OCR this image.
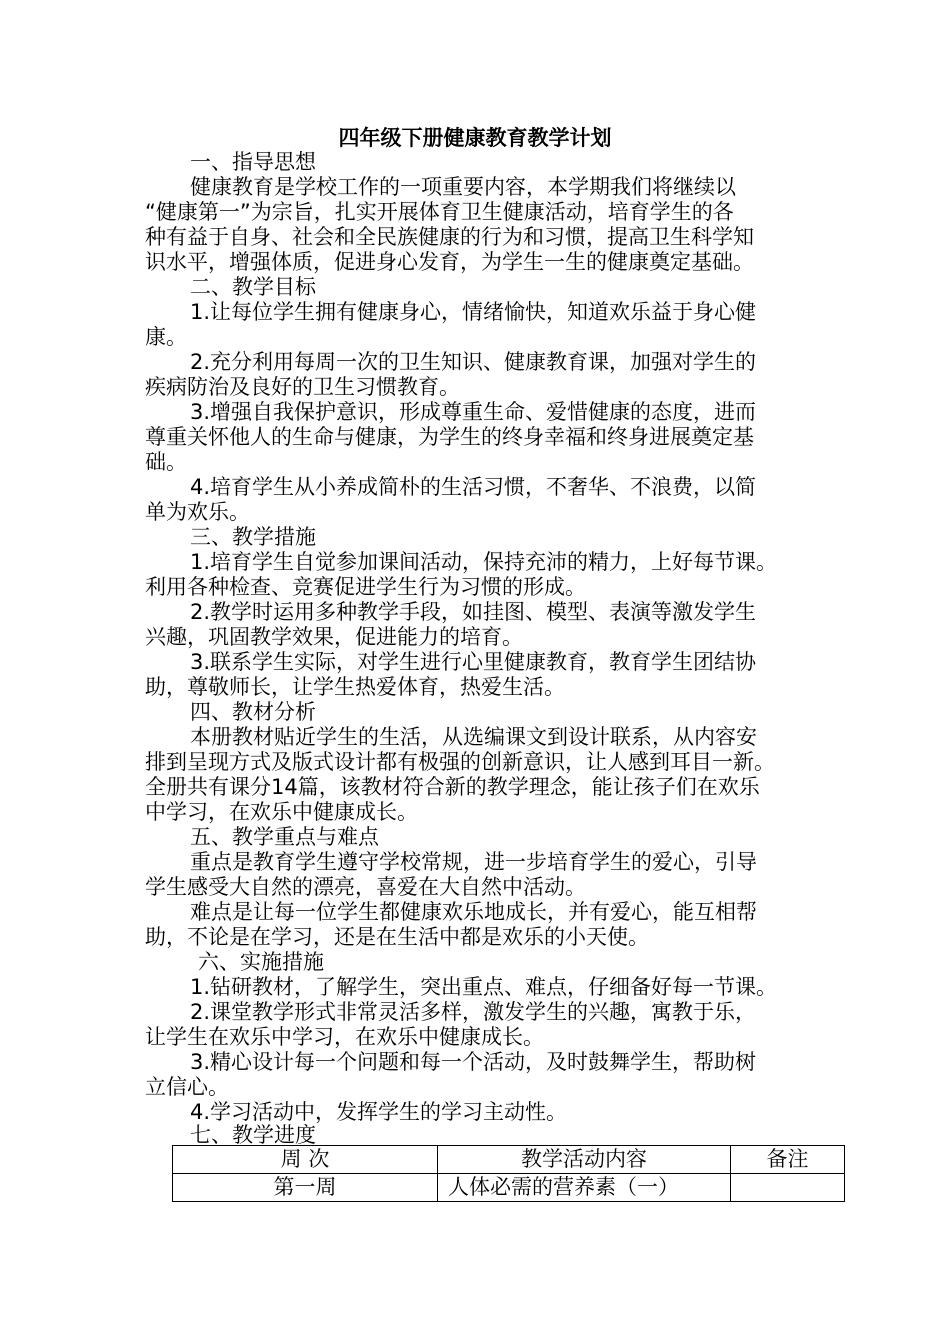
四年级下册健康教育教学计划
一、指导思想
健康教育是学校工作的一项重要内容，本学期我们将继续以
“健康第一”为宗旨，扎实开展体育卫生健康活动，培育学生的各
种有益于自身、社会和全民族健康的行为和习惯，提高卫生科学知
识水平，增强体质，促进身心发育，为学生一生的健康奠定基础。
二、教学目标
1.让每位学生拥有健康身心，情绪愉快，知道欢乐益于身心健
康。
2.充分利用每周一次的卫生知识、健康教育课，加强对学生的
疾病防治及良好的卫生习惯教育。
3.增强自我保护意识，形成尊重生命、爱惜健康的态度，进而
尊重关怀他人的生命与健康，为学生的终身幸福和终身进展奠定基
础。
4.培育学生从小养成简朴的生活习惯，不奢华、不浪费，以简
单为欢乐。
三、教学措施
1.培育学生自觉参加课间活动，保持充沛的精力，上好每节课。
利用各种检查、竞赛促进学生行为习惯的形成。
2.教学时运用多种教学手段，如挂图、模型、表演等激发学生
兴趣，巩固教学效果，促进能力的培育。
3.联系学生实际，对学生进行心里健康教育，教育学生团结协
助，尊敬师长，让学生热爱体育，热爱生活。
四、教材分析
本册教材贴近学生的生活，从选编课文到设计联系，从内容安
排到呈现方式及版式设计都有极强的创新意识，让人感到耳目一新。
全册共有课分14篇，该教材符合新的教学理念，能让孩子们在欢乐
中学习，在欢乐中健康成长。
五、教学重点与难点
重点是教育学生遵守学校常规，进一步培育学生的爱心，引导
学生感受大自然的漂亮，喜爱在大自然中活动。
难点是让每一位学生都健康欢乐地成长，并有爱心，能互相帮
助，不论是在学习，还是在生活中都是欢乐的小天使。
六、实施措施
1.钻研教材，了解学生，突出重点、难点，仔细备好每一节课。
2.课堂教学形式非常灵活多样，激发学生的兴趣，寓教于乐，
让学生在欢乐中学习，在欢乐中健康成长。
3.精心设计每一个问题和每一个活动，及时鼓舞学生，帮助树
立信心。
4.学习活动中，发挥学生的学习主动性。
七、教学进度
周 次	教学活动内容	备注
第一周	人体必需的营养素（一）	
